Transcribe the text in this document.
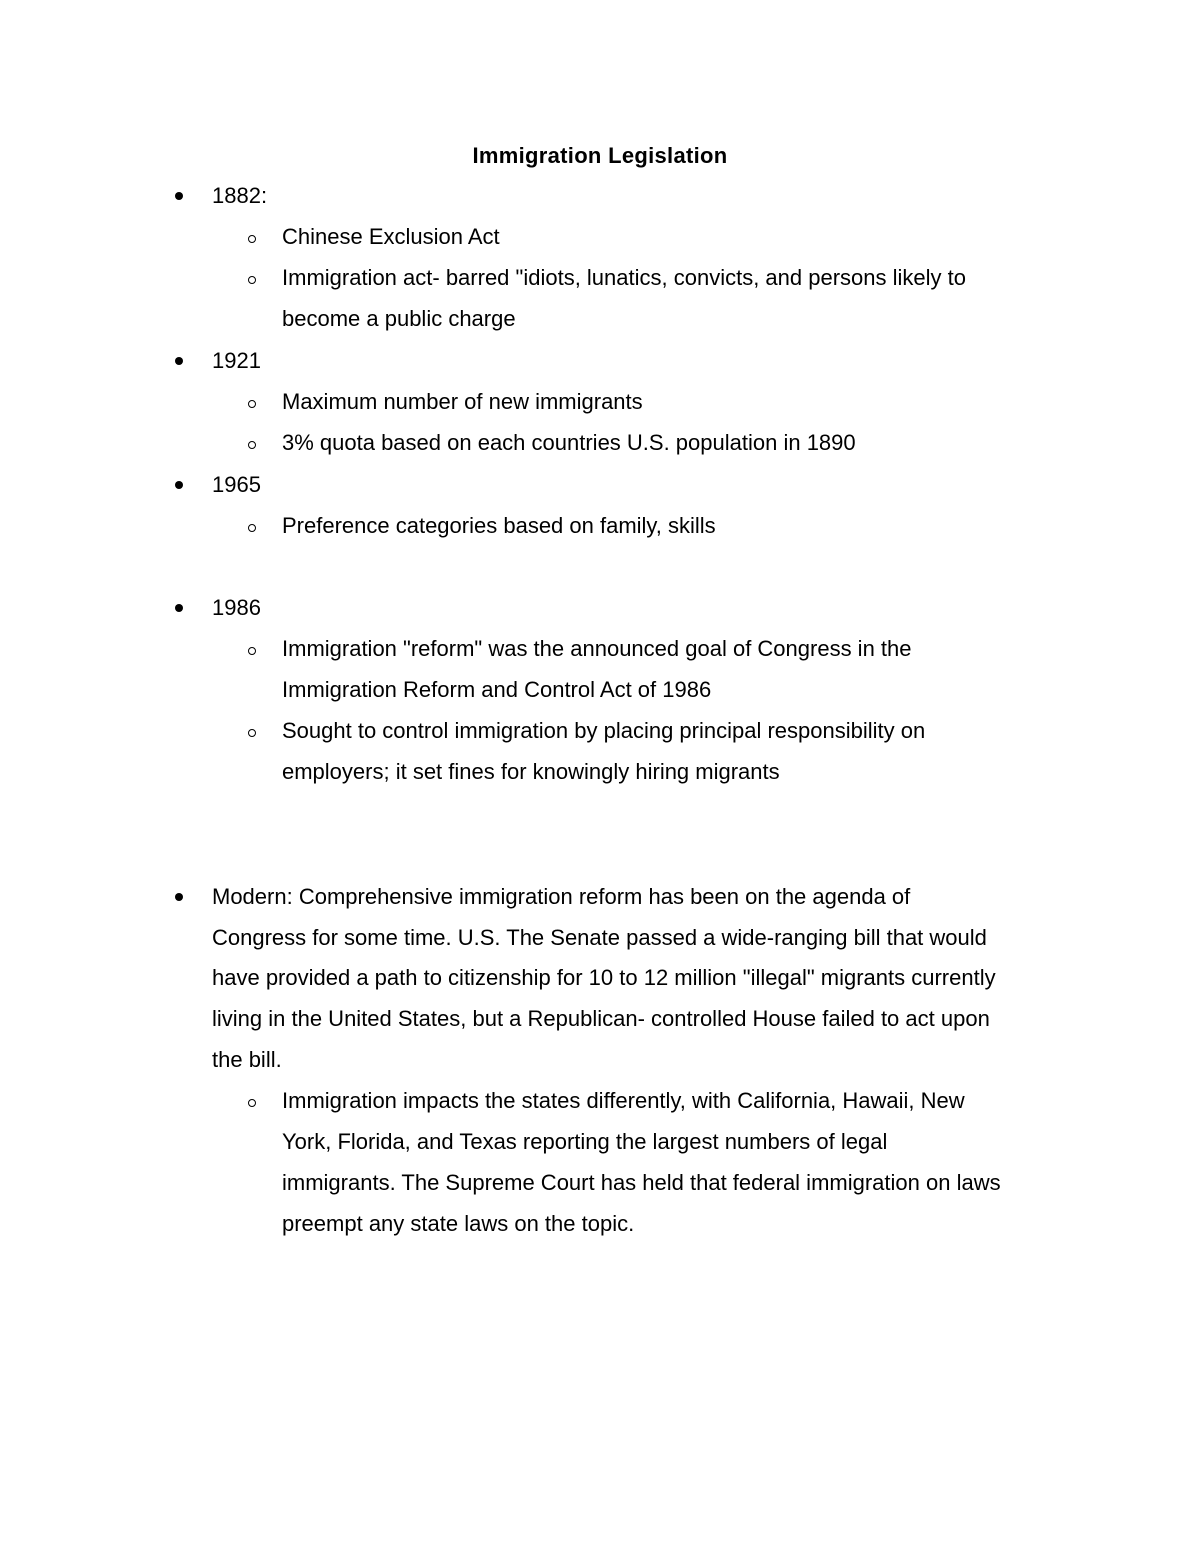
Immigration Legislation
1882:
Chinese Exclusion Act
Immigration act- barred "idiots, lunatics, convicts, and persons likely to
become a public charge
1921
Maximum number of new immigrants
3% quota based on each countries U.S. population in 1890
1965
Preference categories based on family, skills
1986
Immigration "reform" was the announced goal of Congress in the
Immigration Reform and Control Act of 1986
Sought to control immigration by placing principal responsibility on
employers; it set fines for knowingly hiring migrants
Modern: Comprehensive immigration reform has been on the agenda of
Congress for some time. U.S. The Senate passed a wide-ranging bill that would
have provided a path to citizenship for 10 to 12 million "illegal" migrants currently
living in the United States, but a Republican- controlled House failed to act upon
the bill.
Immigration impacts the states differently, with California, Hawaii, New
York, Florida, and Texas reporting the largest numbers of legal
immigrants. The Supreme Court has held that federal immigration on laws
preempt any state laws on the topic.
